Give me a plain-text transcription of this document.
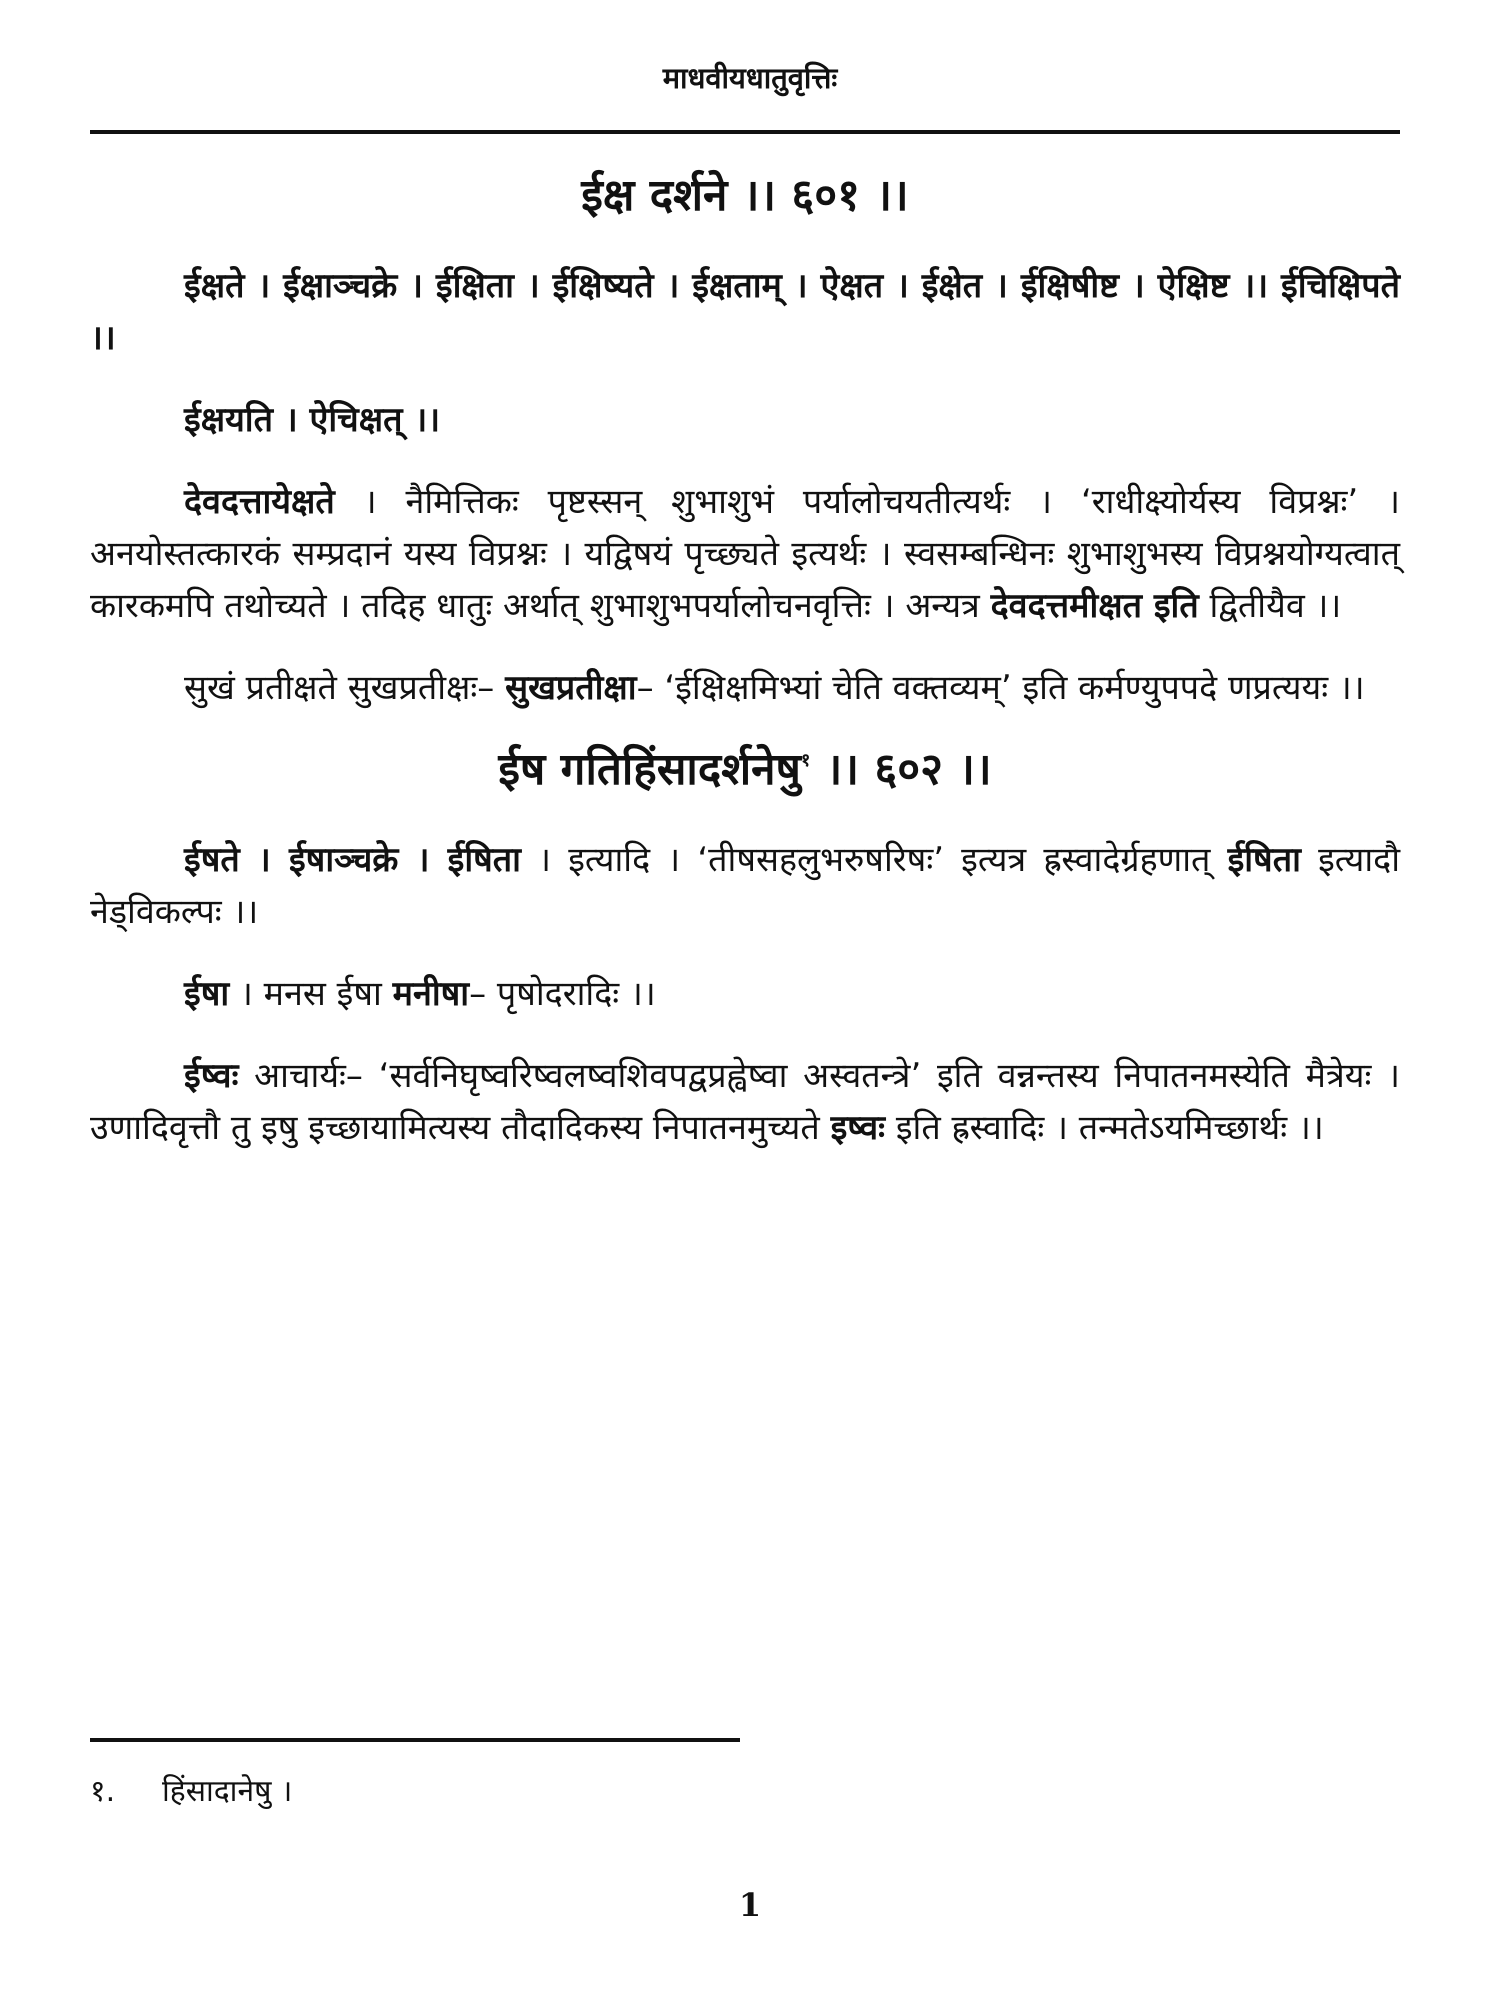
माधवीयधातुवृत्तिः
ईक्ष दर्शने ।। ६०१ ।।

ईक्षते । ईक्षाञ्चक्रे । ईक्षिता । ईक्षिष्यते । ईक्षताम् । ऐक्षत । ईक्षेत । ईक्षिषीष्ट । ऐक्षिष्ट ।। ईचिक्षिपते ।।

ईक्षयति । ऐचिक्षत् ।।

देवदत्तायेक्षते । नैमित्तिकः पृष्टस्सन् शुभाशुभं पर्यालोचयतीत्यर्थः । ‘राधीक्ष्योर्यस्य विप्रश्नः’ । अनयोस्तत्कारकं सम्प्रदानं यस्य विप्रश्नः । यद्विषयं पृच्छ्यते इत्यर्थः । स्वसम्बन्धिनः शुभाशुभस्य विप्रश्नयोग्यत्वात् कारकमपि तथोच्यते । तदिह धातुः अर्थात् शुभाशुभपर्यालोचनवृत्तिः । अन्यत्र देवदत्तमीक्षत इति द्वितीयैव ।।

सुखं प्रतीक्षते सुखप्रतीक्षः– सुखप्रतीक्षा– ‘ईक्षिक्षमिभ्यां चेति वक्तव्यम्’ इति कर्मण्युपपदे णप्रत्ययः ।।

ईष गतिहिंसादर्शनेषु$^१$ ।। ६०२ ।।

ईषते । ईषाञ्चक्रे । ईषिता । इत्यादि । ‘तीषसहलुभरुषरिषः’ इत्यत्र ह्रस्वादेर्ग्रहणात् ईषिता इत्यादौ नेड्विकल्पः ।।

ईषा । मनस ईषा मनीषा– पृषोदरादिः ।।

ईष्वः आचार्यः– ‘सर्वनिघृष्वरिष्वलष्वशिवपद्वप्रह्वेष्वा अस्वतन्त्रे’ इति वन्नन्तस्य निपातनमस्येति मैत्रेयः । उणादिवृत्तौ तु इषु इच्छायामित्यस्य तौदादिकस्य निपातनमुच्यते इष्वः इति ह्रस्वादिः । तन्मतेऽयमिच्छार्थः ।।

१. हिंसादानेषु ।
1
